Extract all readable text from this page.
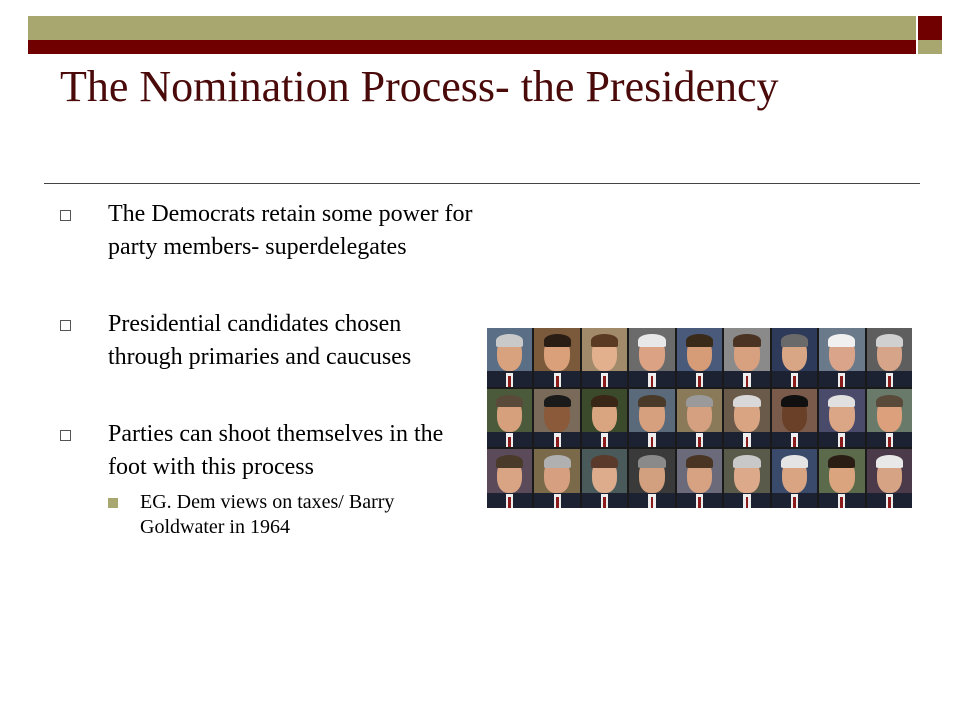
The Nomination Process- the Presidency
The Democrats retain some power for party members- superdelegates
Presidential candidates chosen through primaries and caucuses
Parties can shoot themselves in the foot with this process
EG. Dem views on taxes/ Barry Goldwater in 1964
